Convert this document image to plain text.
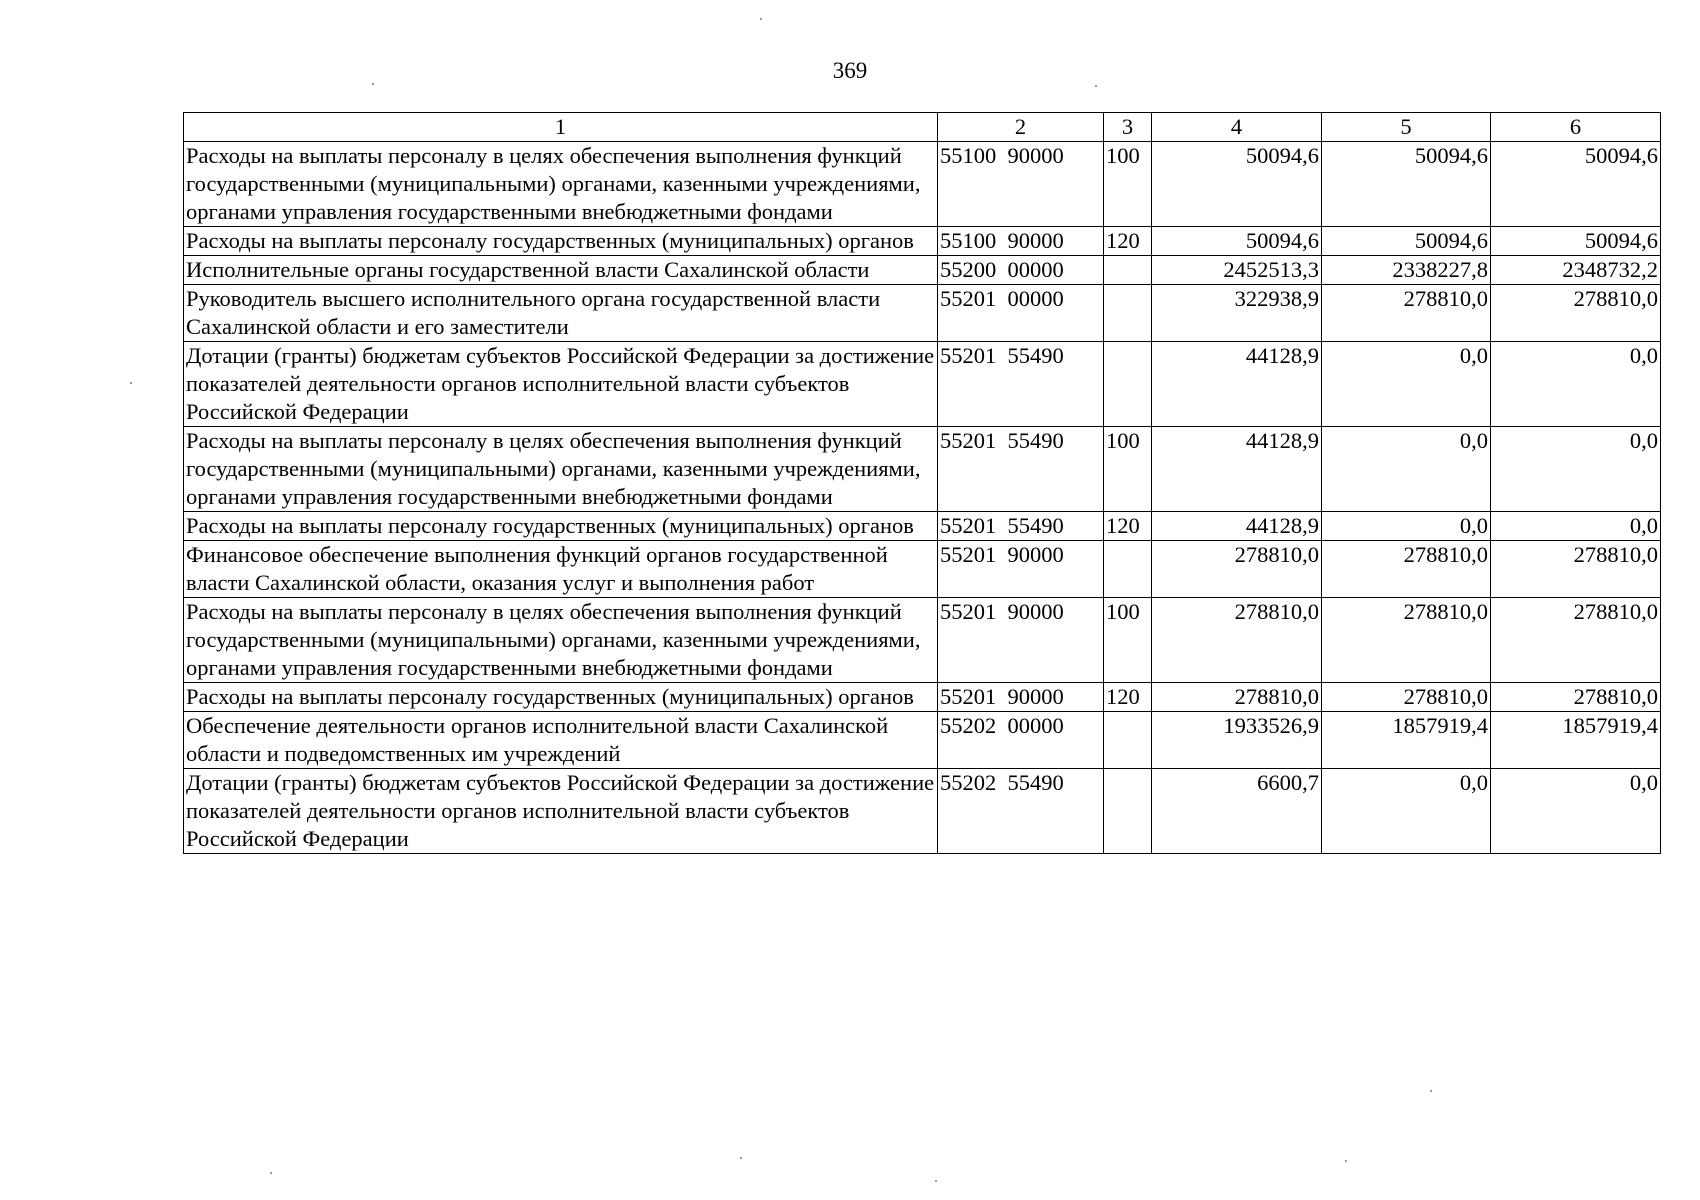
369
1	2	3	4	5	6
Расходы на выплаты персоналу в целях обеспечения выполнения функций государственными (муниципальными) органами, казенными учреждениями, органами управления государственными внебюджетными фондами	55100  90000	100	50094,6	50094,6	50094,6
Расходы на выплаты персоналу государственных (муниципальных) органов	55100  90000	120	50094,6	50094,6	50094,6
Исполнительные органы государственной власти Сахалинской области	55200  00000		2452513,3	2338227,8	2348732,2
Руководитель высшего исполнительного органа государственной власти Сахалинской области и его заместители	55201  00000		322938,9	278810,0	278810,0
Дотации (гранты) бюджетам субъектов Российской Федерации за достижение показателей деятельности органов исполнительной власти субъектов Российской Федерации	55201  55490		44128,9	0,0	0,0
Расходы на выплаты персоналу в целях обеспечения выполнения функций государственными (муниципальными) органами, казенными учреждениями, органами управления государственными внебюджетными фондами	55201  55490	100	44128,9	0,0	0,0
Расходы на выплаты персоналу государственных (муниципальных) органов	55201  55490	120	44128,9	0,0	0,0
Финансовое обеспечение выполнения функций органов государственной власти Сахалинской области, оказания услуг и выполнения работ	55201  90000		278810,0	278810,0	278810,0
Расходы на выплаты персоналу в целях обеспечения выполнения функций государственными (муниципальными) органами, казенными учреждениями, органами управления государственными внебюджетными фондами	55201  90000	100	278810,0	278810,0	278810,0
Расходы на выплаты персоналу государственных (муниципальных) органов	55201  90000	120	278810,0	278810,0	278810,0
Обеспечение деятельности органов исполнительной власти Сахалинской области и подведомственных им учреждений	55202  00000		1933526,9	1857919,4	1857919,4
Дотации (гранты) бюджетам субъектов Российской Федерации за достижение показателей деятельности органов исполнительной власти субъектов Российской Федерации	55202  55490		6600,7	0,0	0,0
